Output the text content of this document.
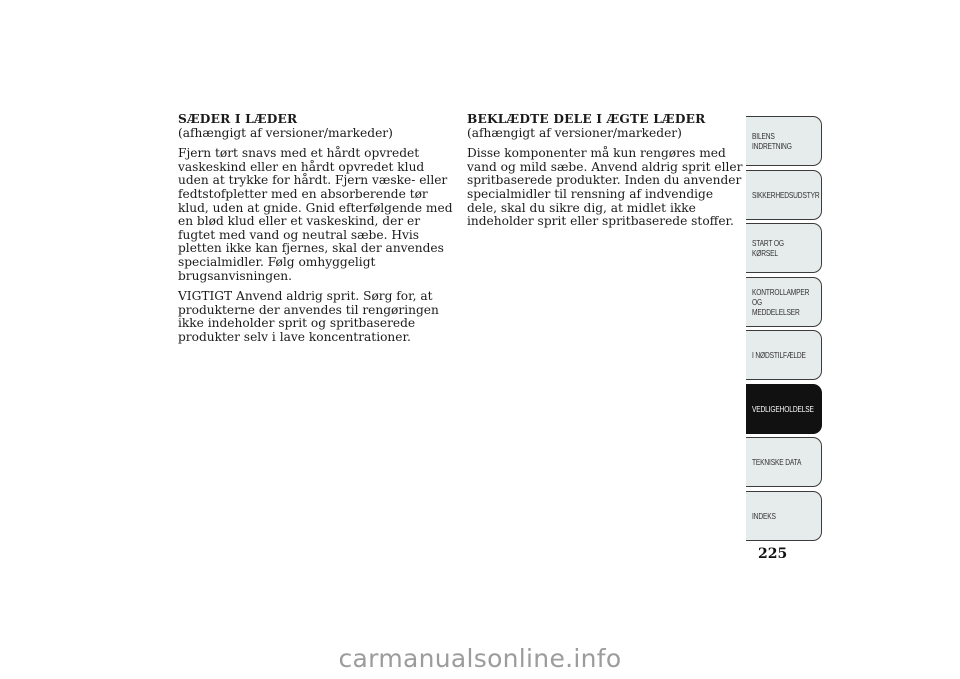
SÆDER I LÆDER
(afhængigt af versioner/markeder)
Fjern tørt snavs med et hårdt opvredet vaskeskind eller en hårdt opvredet klud uden at trykke for hårdt. Fjern væske- eller fedtstofpletter med en absorberende tør klud, uden at gnide. Gnid efterfølgende med en blød klud eller et vaskeskind, der er fugtet med vand og neutral sæbe. Hvis pletten ikke kan fjernes, skal der anvendes specialmidler. Følg omhyggeligt brugsanvisningen.
VIGTIGT Anvend aldrig sprit. Sørg for, at produkterne der anvendes til rengøringen ikke indeholder sprit og spritbaserede produkter selv i lave koncentrationer.
BEKLÆDTE DELE I ÆGTE LÆDER
(afhængigt af versioner/markeder)
Disse komponenter må kun rengøres med vand og mild sæbe. Anvend aldrig sprit eller spritbaserede produkter. Inden du anvender specialmidler til rensning af indvendige dele, skal du sikre dig, at midlet ikke indeholder sprit eller spritbaserede stoffer.
BILENS
INDRETNING
SIKKERHEDSUDSTYR
START OG KØRSEL
KONTROLLAMPER
OG MEDDELELSER
I NØDSTILFÆLDE
VEDLIGEHOLDELSE
TEKNISKE DATA
INDEKS
225
carmanualsonline.info
